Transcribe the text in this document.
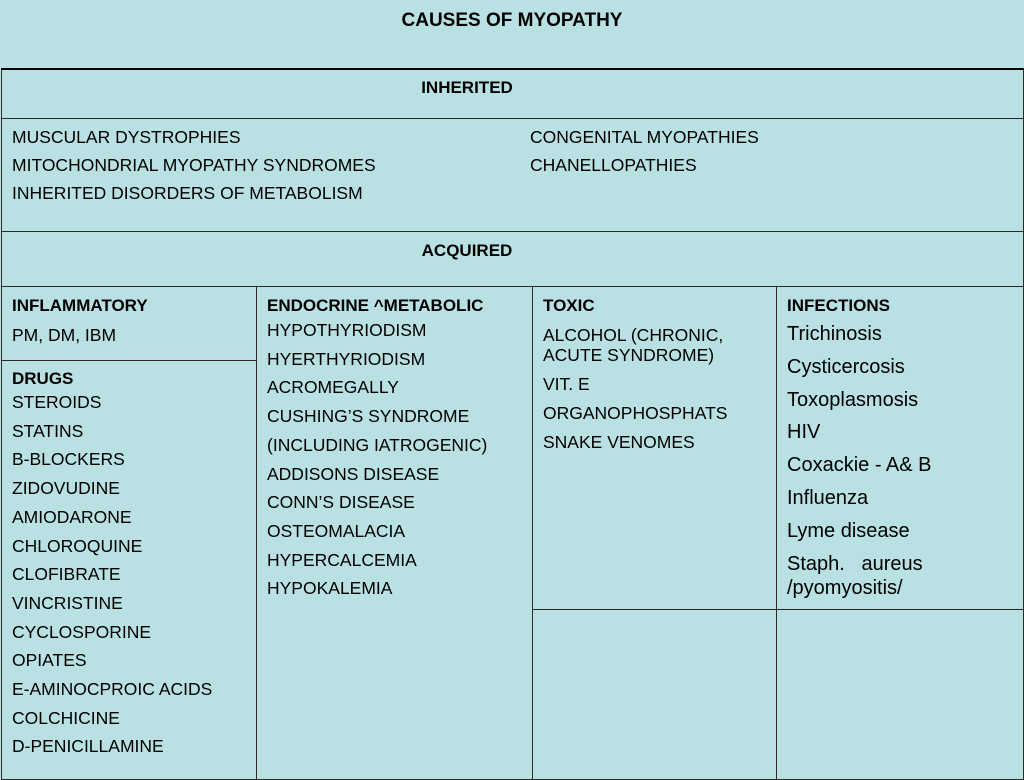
CAUSES OF MYOPATHY
INHERITED
MUSCULAR DYSTROPHIES
MITOCHONDRIAL MYOPATHY SYNDROMES
INHERITED DISORDERS OF METABOLISM
CONGENITAL MYOPATHIES
CHANELLOPATHIES
ACQUIRED
INFLAMMATORY
PM, DM, IBM
DRUGS
STEROIDS
STATINS
B-BLOCKERS
ZIDOVUDINE
AMIODARONE
CHLOROQUINE
CLOFIBRATE
VINCRISTINE
CYCLOSPORINE
OPIATES
E-AMINOCPROIC ACIDS
COLCHICINE
D-PENICILLAMINE
ENDOCRINE ^METABOLIC
HYPOTHYRIODISM
HYERTHYRIODISM
ACROMEGALLY
CUSHING’S SYNDROME
(INCLUDING IATROGENIC)
ADDISONS DISEASE
CONN’S DISEASE
OSTEOMALACIA
HYPERCALCEMIA
HYPOKALEMIA
TOXIC
ALCOHOL (CHRONIC, ACUTE SYNDROME)
VIT. E
ORGANOPHOSPHATS
SNAKE VENOMES
INFECTIONS
Trichinosis
Cysticercosis
Toxoplasmosis
HIV
Coxackie - A& B
Influenza
Lyme disease
Staph.   aureus /pyomyositis/
